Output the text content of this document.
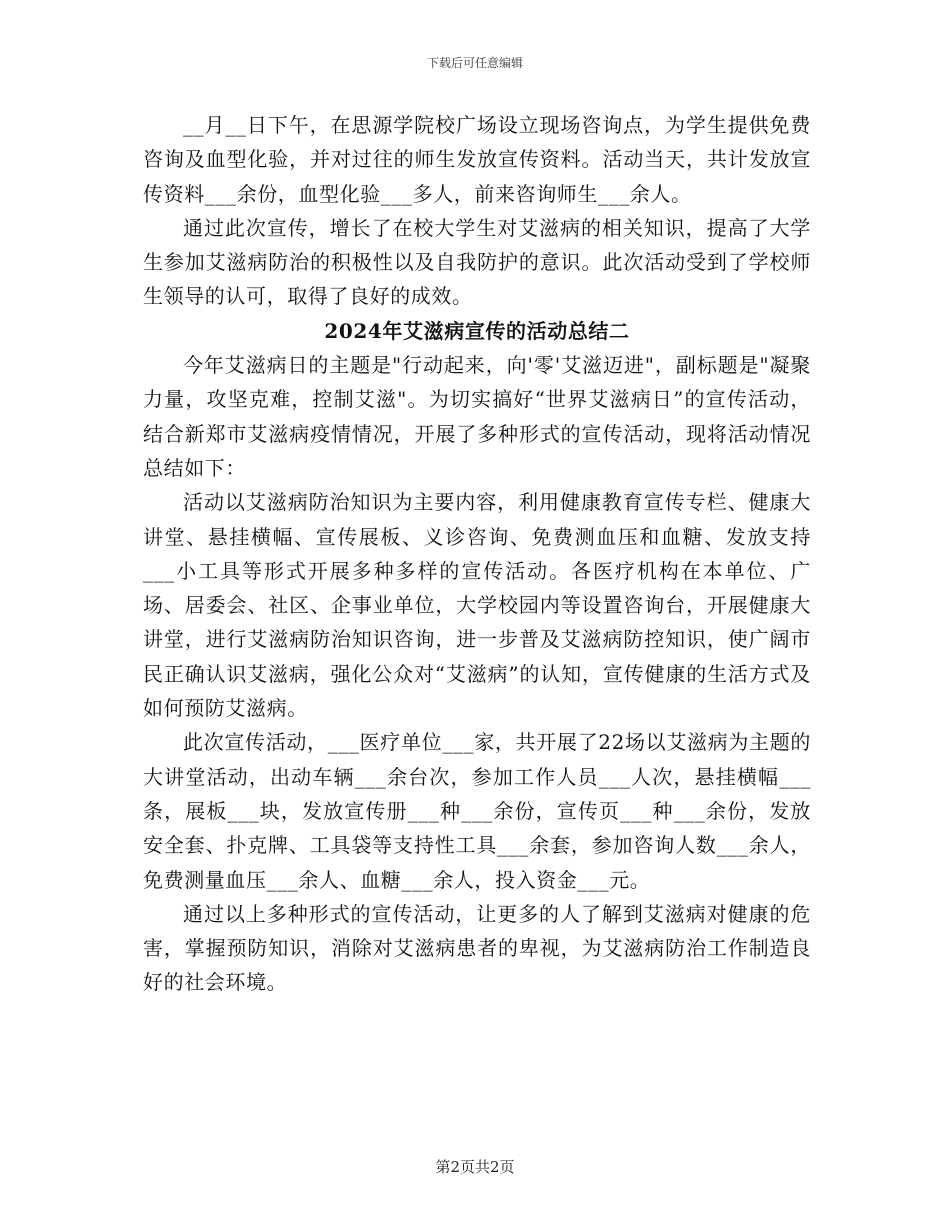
下载后可任意编辑

__月__日下午，在思源学院校广场设立现场咨询点，为学生提供免费咨询及血型化验，并对过往的师生发放宣传资料。活动当天，共计发放宣传资料___余份，血型化验___多人，前来咨询师生___余人。

通过此次宣传，增长了在校大学生对艾滋病的相关知识，提高了大学生参加艾滋病防治的积极性以及自我防护的意识。此次活动受到了学校师生领导的认可，取得了良好的成效。

2024年艾滋病宣传的活动总结二

今年艾滋病日的主题是"行动起来，向'零'艾滋迈进"，副标题是"凝聚力量，攻坚克难，控制艾滋"。为切实搞好“世界艾滋病日”的宣传活动，结合新郑市艾滋病疫情情况，开展了多种形式的宣传活动，现将活动情况总结如下：

活动以艾滋病防治知识为主要内容，利用健康教育宣传专栏、健康大讲堂、悬挂横幅、宣传展板、义诊咨询、免费测血压和血糖、发放支持___小工具等形式开展多种多样的宣传活动。各医疗机构在本单位、广场、居委会、社区、企事业单位，大学校园内等设置咨询台，开展健康大讲堂，进行艾滋病防治知识咨询，进一步普及艾滋病防控知识，使广阔市民正确认识艾滋病，强化公众对“艾滋病”的认知，宣传健康的生活方式及如何预防艾滋病。

此次宣传活动，___医疗单位___家，共开展了22场以艾滋病为主题的大讲堂活动，出动车辆___余台次，参加工作人员___人次，悬挂横幅___条，展板___块，发放宣传册___种___余份，宣传页___种___余份，发放安全套、扑克牌、工具袋等支持性工具___余套，参加咨询人数___余人，免费测量血压___余人、血糖___余人，投入资金___元。

通过以上多种形式的宣传活动，让更多的人了解到艾滋病对健康的危害，掌握预防知识，消除对艾滋病患者的卑视，为艾滋病防治工作制造良好的社会环境。

第2页共2页
